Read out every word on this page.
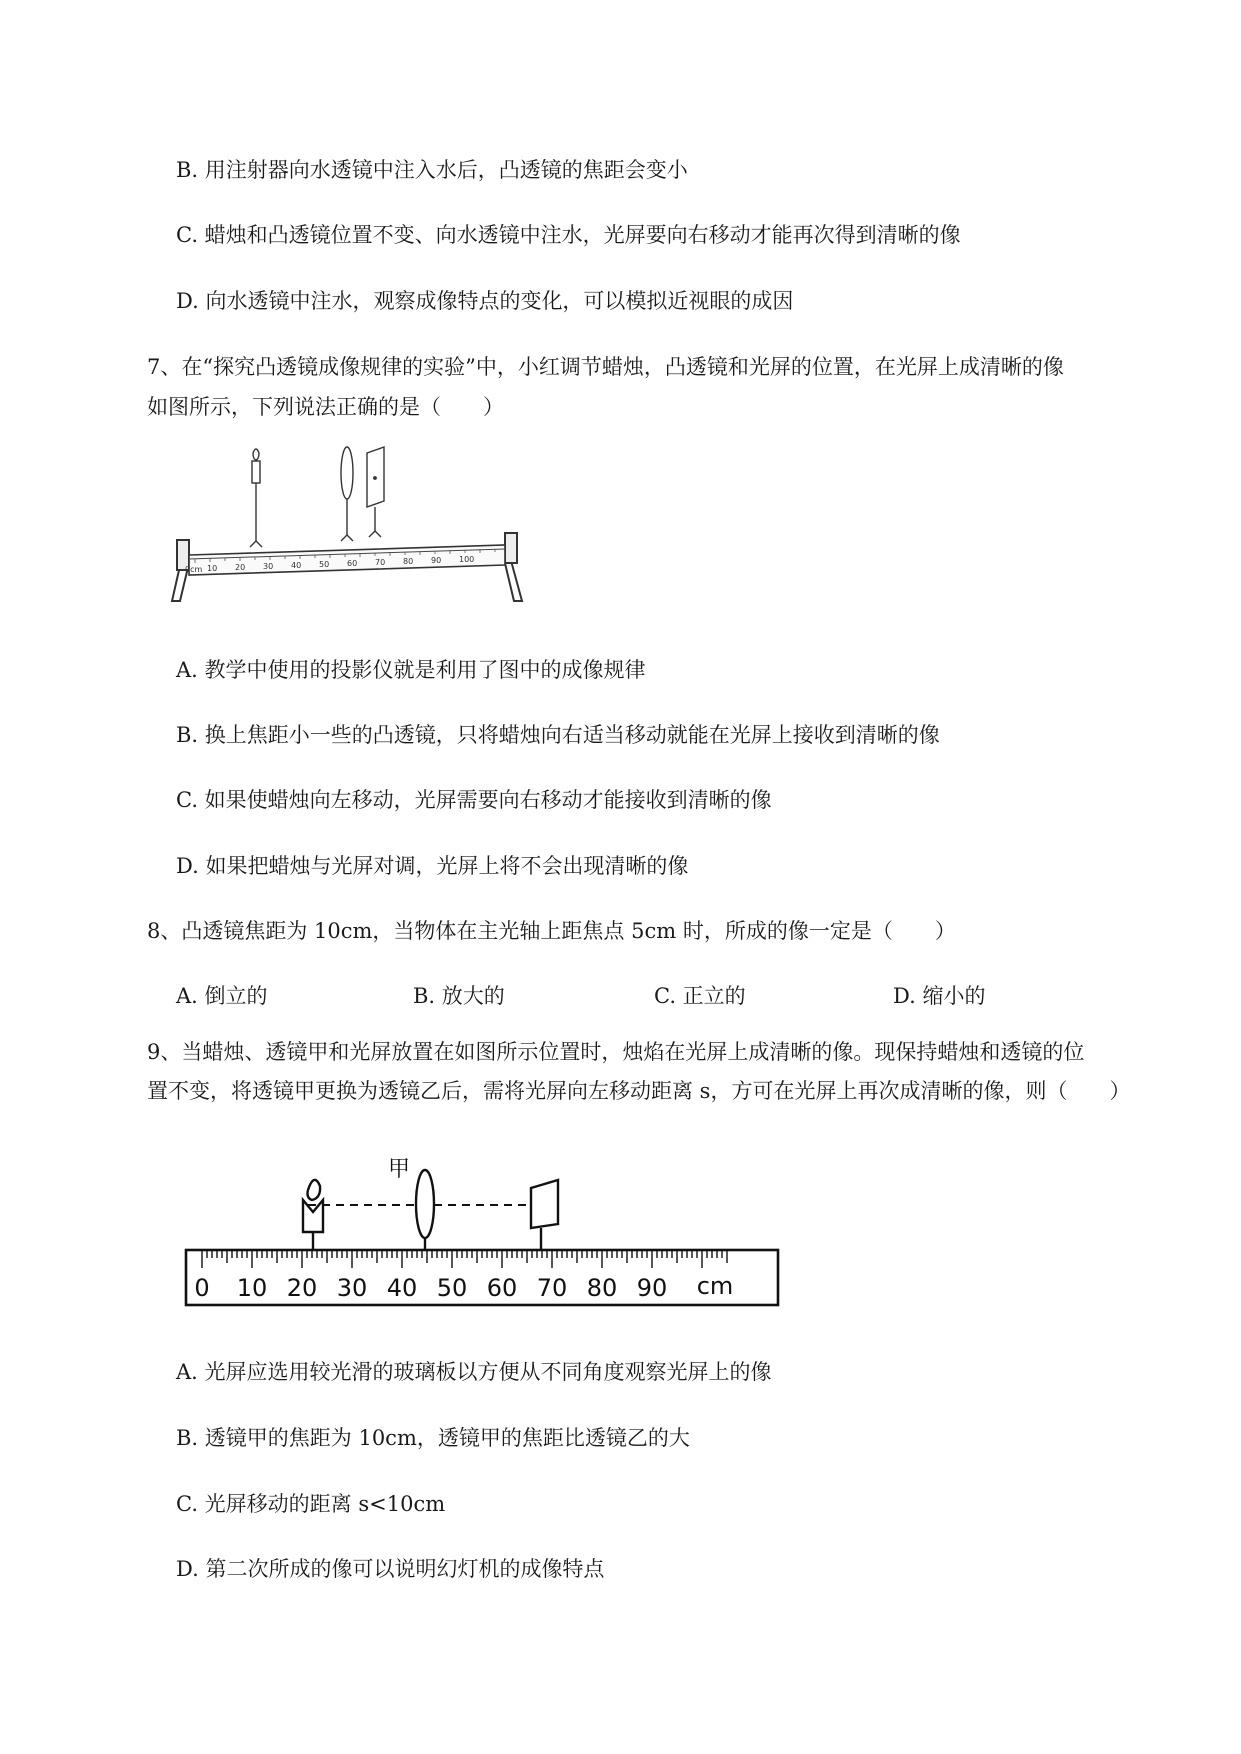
B. 用注射器向水透镜中注入水后，凸透镜的焦距会变小
C. 蜡烛和凸透镜位置不变、向水透镜中注水，光屏要向右移动才能再次得到清晰的像
D. 向水透镜中注水，观察成像特点的变化，可以模拟近视眼的成因
7、在“探究凸透镜成像规律的实验”中，小红调节蜡烛，凸透镜和光屏的位置，在光屏上成清晰的像
如图所示，下列说法正确的是（　　）
0cm 10 20 30 40 50 60 70 80 90 100
A. 教学中使用的投影仪就是利用了图中的成像规律
B. 换上焦距小一些的凸透镜，只将蜡烛向右适当移动就能在光屏上接收到清晰的像
C. 如果使蜡烛向左移动，光屏需要向右移动才能接收到清晰的像
D. 如果把蜡烛与光屏对调，光屏上将不会出现清晰的像
8、凸透镜焦距为 10cm，当物体在主光轴上距焦点 5cm 时，所成的像一定是（　　）
A. 倒立的	B. 放大的	C. 正立的	D. 缩小的
9、当蜡烛、透镜甲和光屏放置在如图所示位置时，烛焰在光屏上成清晰的像。现保持蜡烛和透镜的位
置不变，将透镜甲更换为透镜乙后，需将光屏向左移动距离 s，方可在光屏上再次成清晰的像，则（　　）
甲
0 10 20 30 40 50 60 70 80 90 cm
A. 光屏应选用较光滑的玻璃板以方便从不同角度观察光屏上的像
B. 透镜甲的焦距为 10cm，透镜甲的焦距比透镜乙的大
C. 光屏移动的距离 s<10cm
D. 第二次所成的像可以说明幻灯机的成像特点
